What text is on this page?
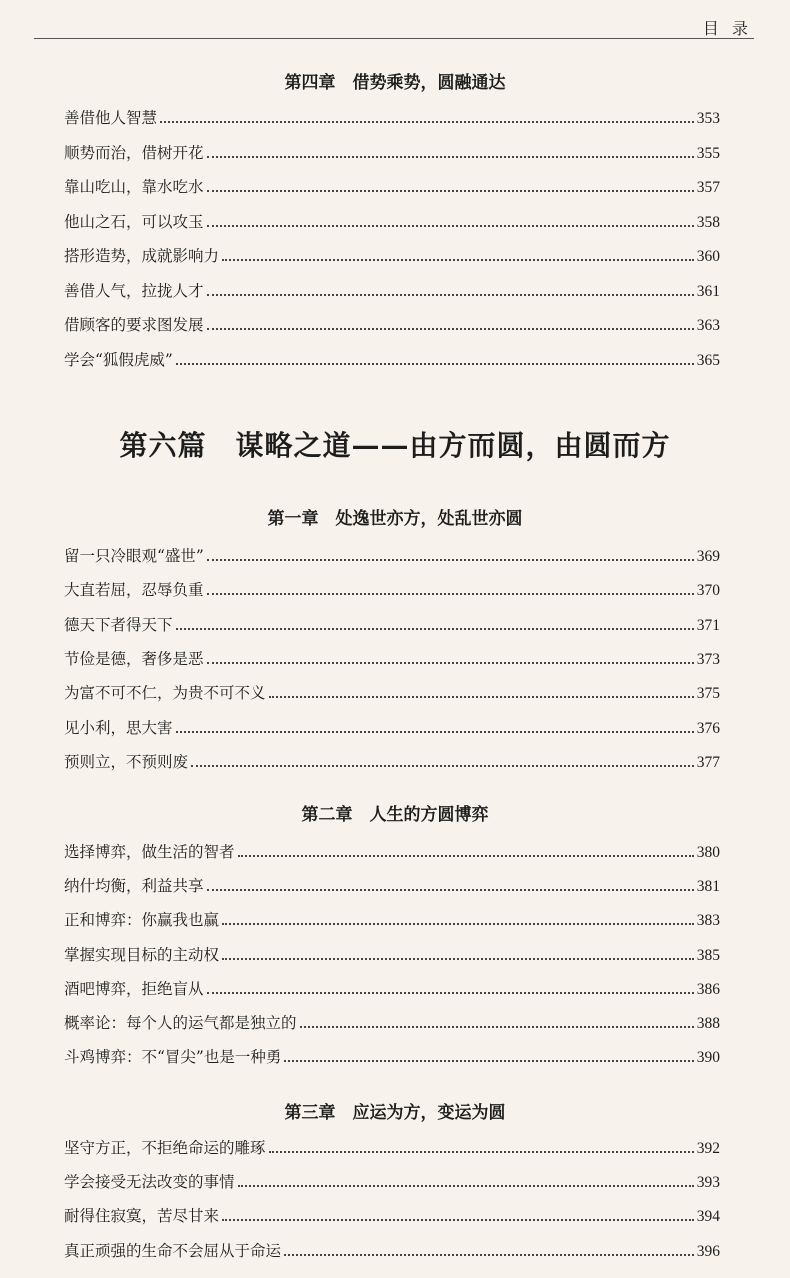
目 录
第四章　借势乘势，圆融通达
第六篇　谋略之道——由方而圆，由圆而方
第一章　处逸世亦方，处乱世亦圆
第二章　人生的方圆博弈
第三章　应运为方，变运为圆
善借他人智慧	353
顺势而治，借树开花	355
靠山吃山，靠水吃水	357
他山之石，可以攻玉	358
搭形造势，成就影响力	360
善借人气，拉拢人才	361
借顾客的要求图发展	363
学会“狐假虎威”	365
留一只冷眼观“盛世”	369
大直若屈，忍辱负重	370
德天下者得天下	371
节俭是德，奢侈是恶	373
为富不可不仁，为贵不可不义	375
见小利，思大害	376
预则立，不预则废	377
选择博弈，做生活的智者	380
纳什均衡，利益共享	381
正和博弈：你赢我也赢	383
掌握实现目标的主动权	385
酒吧博弈，拒绝盲从	386
概率论：每个人的运气都是独立的	388
斗鸡博弈：不“冒尖”也是一种勇	390
坚守方正，不拒绝命运的雕琢	392
学会接受无法改变的事情	393
耐得住寂寞，苦尽甘来	394
真正顽强的生命不会屈从于命运	396
